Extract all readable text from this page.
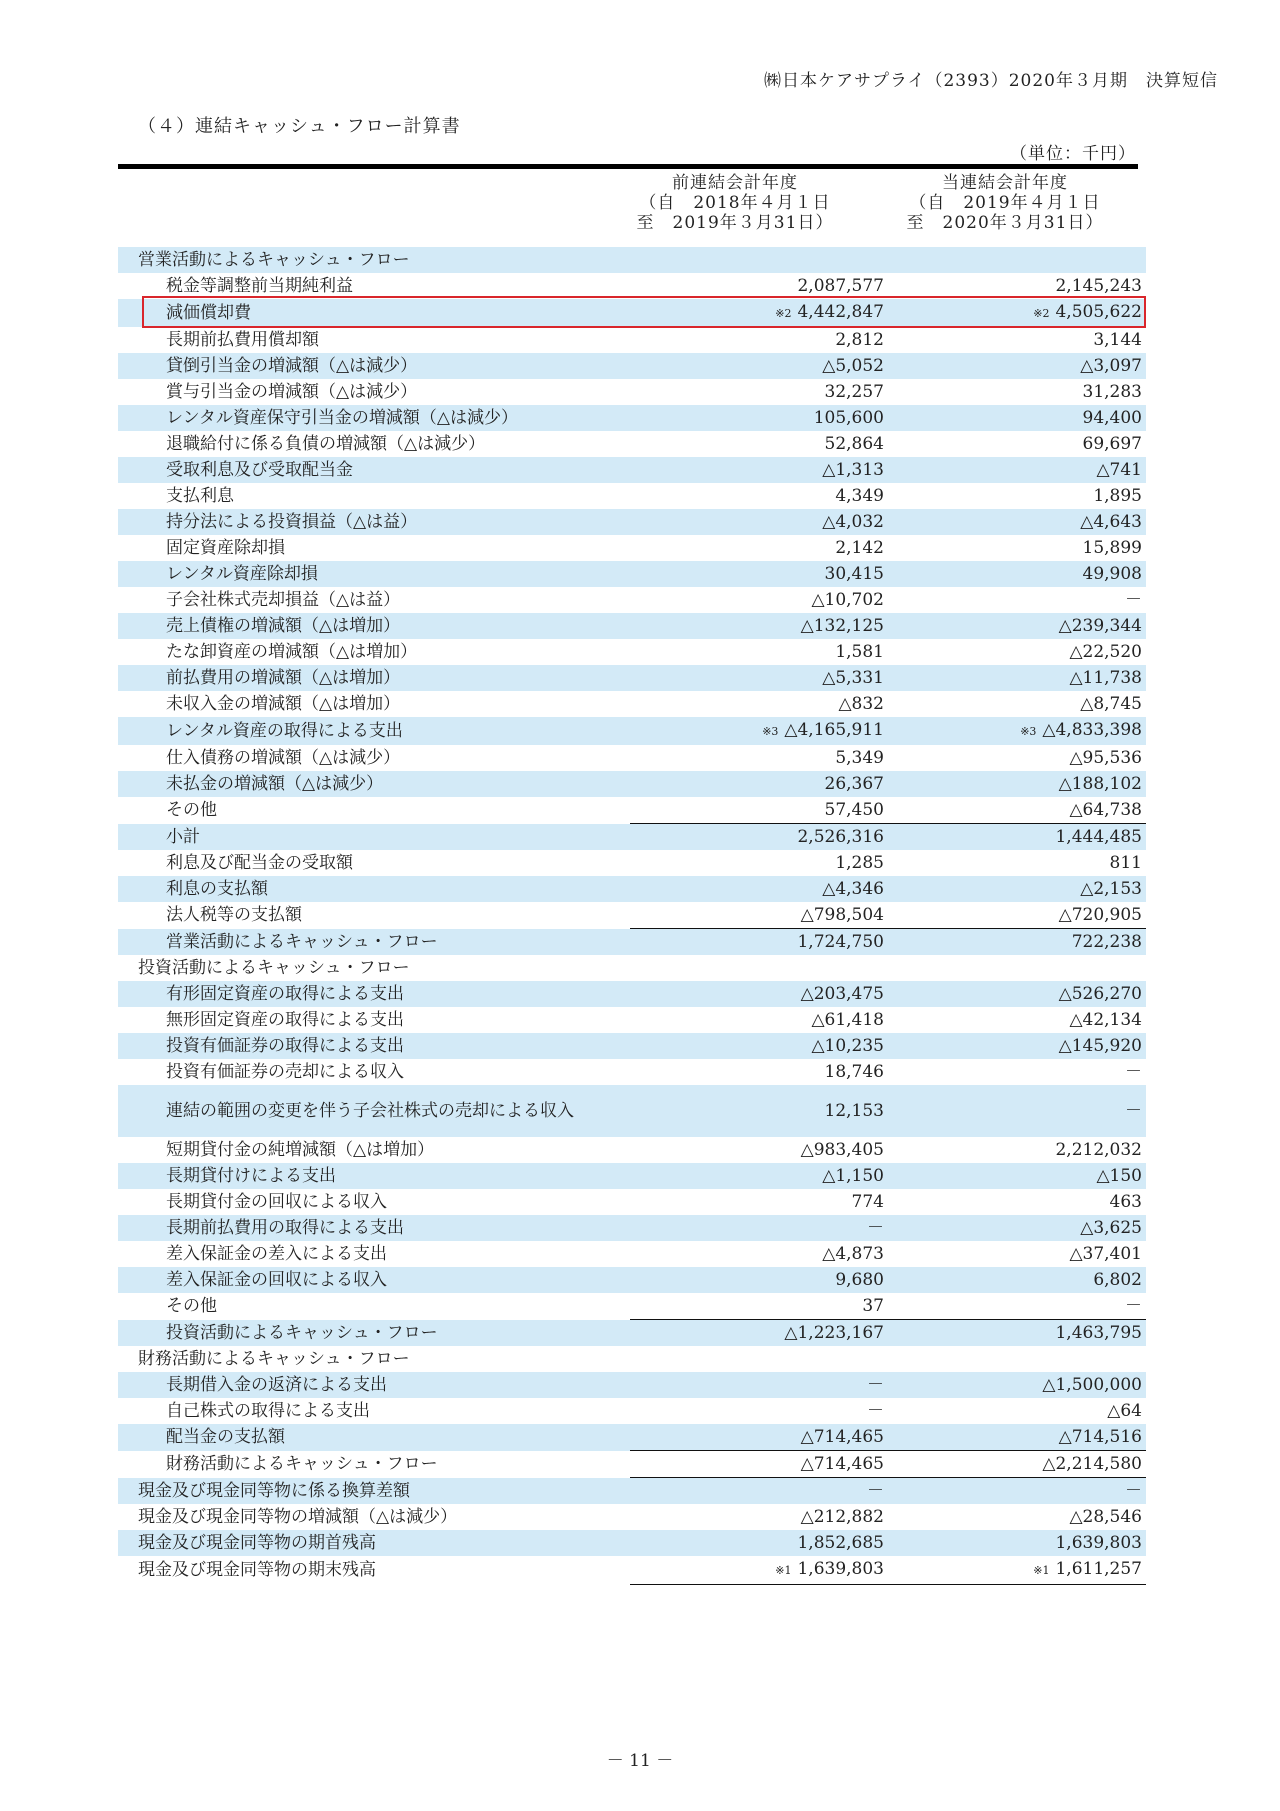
㈱日本ケアサプライ（2393）2020年３月期　決算短信
（４）連結キャッシュ・フロー計算書
（単位：千円）
前連結会計年度
（自　2018年４月１日
至　2019年３月31日）
当連結会計年度
（自　2019年４月１日
至　2020年３月31日）
営業活動によるキャッシュ・フロー			
税金等調整前当期純利益		2,087,577	2,145,243
減価償却費		※2 4,442,847	※2 4,505,622
長期前払費用償却額		2,812	3,144
貸倒引当金の増減額（△は減少）		△5,052	△3,097
賞与引当金の増減額（△は減少）		32,257	31,283
レンタル資産保守引当金の増減額（△は減少）		105,600	94,400
退職給付に係る負債の増減額（△は減少）		52,864	69,697
受取利息及び受取配当金		△1,313	△741
支払利息		4,349	1,895
持分法による投資損益（△は益）		△4,032	△4,643
固定資産除却損		2,142	15,899
レンタル資産除却損		30,415	49,908
子会社株式売却損益（△は益）		△10,702	－
売上債権の増減額（△は増加）		△132,125	△239,344
たな卸資産の増減額（△は増加）		1,581	△22,520
前払費用の増減額（△は増加）		△5,331	△11,738
未収入金の増減額（△は増加）		△832	△8,745
レンタル資産の取得による支出		※3 △4,165,911	※3 △4,833,398
仕入債務の増減額（△は減少）		5,349	△95,536
未払金の増減額（△は減少）		26,367	△188,102
その他		57,450	△64,738
小計		2,526,316	1,444,485
利息及び配当金の受取額		1,285	811
利息の支払額		△4,346	△2,153
法人税等の支払額		△798,504	△720,905
営業活動によるキャッシュ・フロー		1,724,750	722,238
投資活動によるキャッシュ・フロー			
有形固定資産の取得による支出		△203,475	△526,270
無形固定資産の取得による支出		△61,418	△42,134
投資有価証券の取得による支出		△10,235	△145,920
投資有価証券の売却による収入		18,746	－
連結の範囲の変更を伴う子会社株式の売却による収入		12,153	－
短期貸付金の純増減額（△は増加）		△983,405	2,212,032
長期貸付けによる支出		△1,150	△150
長期貸付金の回収による収入		774	463
長期前払費用の取得による支出		－	△3,625
差入保証金の差入による支出		△4,873	△37,401
差入保証金の回収による収入		9,680	6,802
その他		37	－
投資活動によるキャッシュ・フロー		△1,223,167	1,463,795
財務活動によるキャッシュ・フロー			
長期借入金の返済による支出		－	△1,500,000
自己株式の取得による支出		－	△64
配当金の支払額		△714,465	△714,516
財務活動によるキャッシュ・フロー		△714,465	△2,214,580
現金及び現金同等物に係る換算差額		－	－
現金及び現金同等物の増減額（△は減少）		△212,882	△28,546
現金及び現金同等物の期首残高		1,852,685	1,639,803
現金及び現金同等物の期末残高		※1 1,639,803	※1 1,611,257
－ 11 －
